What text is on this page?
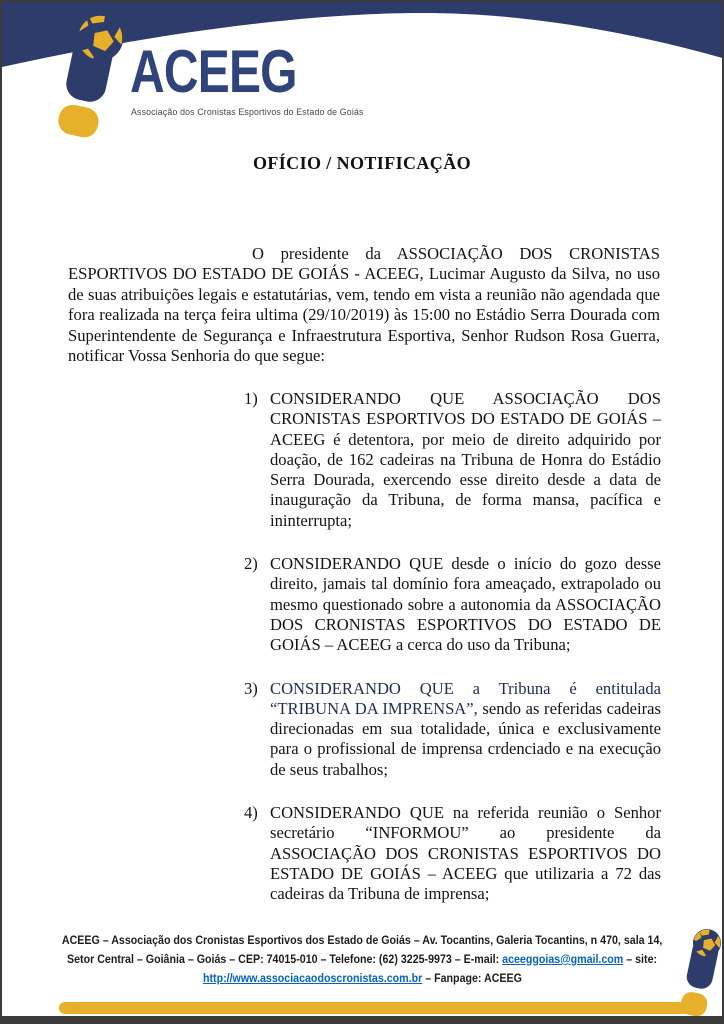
ACEEG
Associação dos Cronistas Esportivos do Estado de Goiás
OFÍCIO / NOTIFICAÇÃO
O presidente da ASSOCIAÇÃO DOS CRONISTAS ESPORTIVOS DO ESTADO DE GOIÁS - ACEEG, Lucimar Augusto da Silva, no uso de suas atribuições legais e estatutárias, vem, tendo em vista a reunião não agendada que fora realizada na terça feira ultima (29/10/2019) às 15:00 no Estádio Serra Dourada com Superintendente de Segurança e Infraestrutura Esportiva, Senhor Rudson Rosa Guerra, notificar Vossa Senhoria do que segue:
1) CONSIDERANDO QUE ASSOCIAÇÃO DOS CRONISTAS ESPORTIVOS DO ESTADO DE GOIÁS – ACEEG é detentora, por meio de direito adquirido por doação, de 162 cadeiras na Tribuna de Honra do Estádio Serra Dourada, exercendo esse direito desde a data de inauguração da Tribuna, de forma mansa, pacífica e ininterrupta;
2) CONSIDERANDO QUE desde o início do gozo desse direito, jamais tal domínio fora ameaçado, extrapolado ou mesmo questionado sobre a autonomia da ASSOCIAÇÃO DOS CRONISTAS ESPORTIVOS DO ESTADO DE GOIÁS – ACEEG a cerca do uso da Tribuna;
3) CONSIDERANDO QUE a Tribuna é entitulada “TRIBUNA DA IMPRENSA”, sendo as referidas cadeiras direcionadas em sua totalidade, única e exclusivamente para o profissional de imprensa crdenciado e na execução de seus trabalhos;
4) CONSIDERANDO QUE na referida reunião o Senhor secretário “INFORMOU” ao presidente da ASSOCIAÇÃO DOS CRONISTAS ESPORTIVOS DO ESTADO DE GOIÁS – ACEEG que utilizaria a 72 das cadeiras da Tribuna de imprensa;
ACEEG – Associação dos Cronistas Esportivos dos Estado de Goiás – Av. Tocantins, Galeria Tocantins, n 470, sala 14,
Setor Central – Goiânia – Goiás – CEP: 74015-010 – Telefone: (62) 3225-9973 – E-mail: aceeggoias@gmail.com – site:
http://www.associacaodoscronistas.com.br – Fanpage: ACEEG
